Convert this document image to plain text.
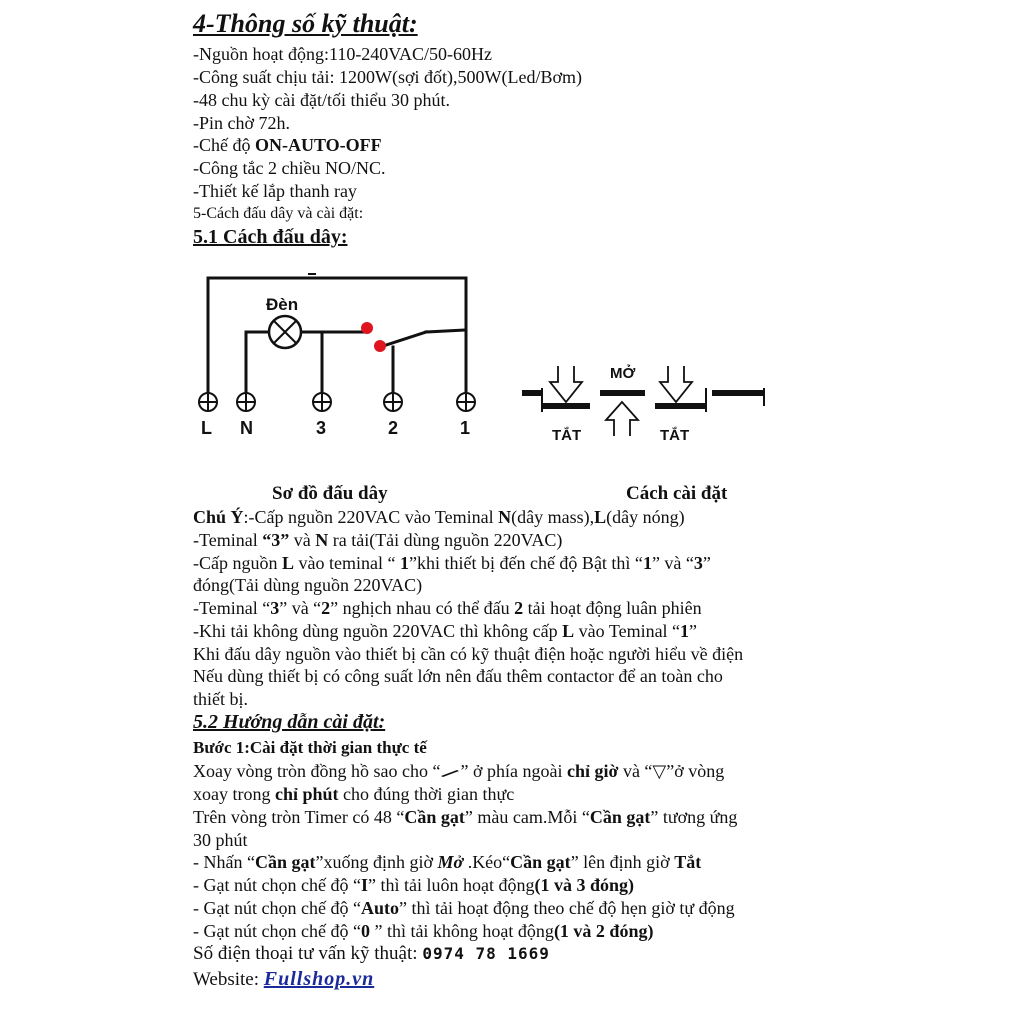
4-Thông số kỹ thuật:
-Nguồn hoạt động:110-240VAC/50-60Hz
-Công suất chịu tải: 1200W(sợi đốt),500W(Led/Bơm)
-48 chu kỳ cài đặt/tối thiểu 30 phút.
-Pin chờ 72h.
-Chế độ ON-AUTO-OFF
-Công tắc 2 chiều NO/NC.
-Thiết kế lắp thanh ray
5-Cách đấu dây và cài đặt:
5.1 Cách đấu dây:
Đèn
L N	3	2	1
MỞ
TẮT	TẮT
Sơ đồ đấu dây	Cách cài đặt
Chú Ý:-Cấp nguồn 220VAC vào Teminal N(dây mass),L(dây nóng)
-Teminal “3” và N ra tải(Tải dùng nguồn 220VAC)
-Cấp nguồn L vào teminal “ 1”khi thiết bị đến chế độ Bật thì “1” và “3”
đóng(Tải dùng nguồn 220VAC)
-Teminal “3” và “2” nghịch nhau có thể đấu 2 tải hoạt động luân phiên
-Khi tải không dùng nguồn 220VAC thì không cấp L vào Teminal “1”
Khi đấu dây nguồn vào thiết bị cần có kỹ thuật điện hoặc người hiểu về điện
Nếu dùng thiết bị có công suất lớn nên đấu thêm contactor để an toàn cho
thiết bị.
5.2 Hướng dẫn cài đặt:
Bước 1:Cài đặt thời gian thực tế
Xoay vòng tròn đồng hồ sao cho “ ” ở phía ngoài chỉ giờ và “▽”ở vòng
xoay trong chỉ phút cho đúng thời gian thực
Trên vòng tròn Timer có 48 “Cần gạt” màu cam.Mỗi “Cần gạt” tương ứng
30 phút
- Nhấn “Cần gạt”xuống định giờ Mở .Kéo“Cần gạt” lên định giờ Tắt
- Gạt nút chọn chế độ “I” thì tải luôn hoạt động(1 và 3 đóng)
- Gạt nút chọn chế độ “Auto” thì tải hoạt động theo chế độ hẹn giờ tự động
- Gạt nút chọn chế độ “0 ” thì tải không hoạt động(1 và 2 đóng)
Số điện thoại tư vấn kỹ thuật: 0974 78 1669
Website: Fullshop.vn
